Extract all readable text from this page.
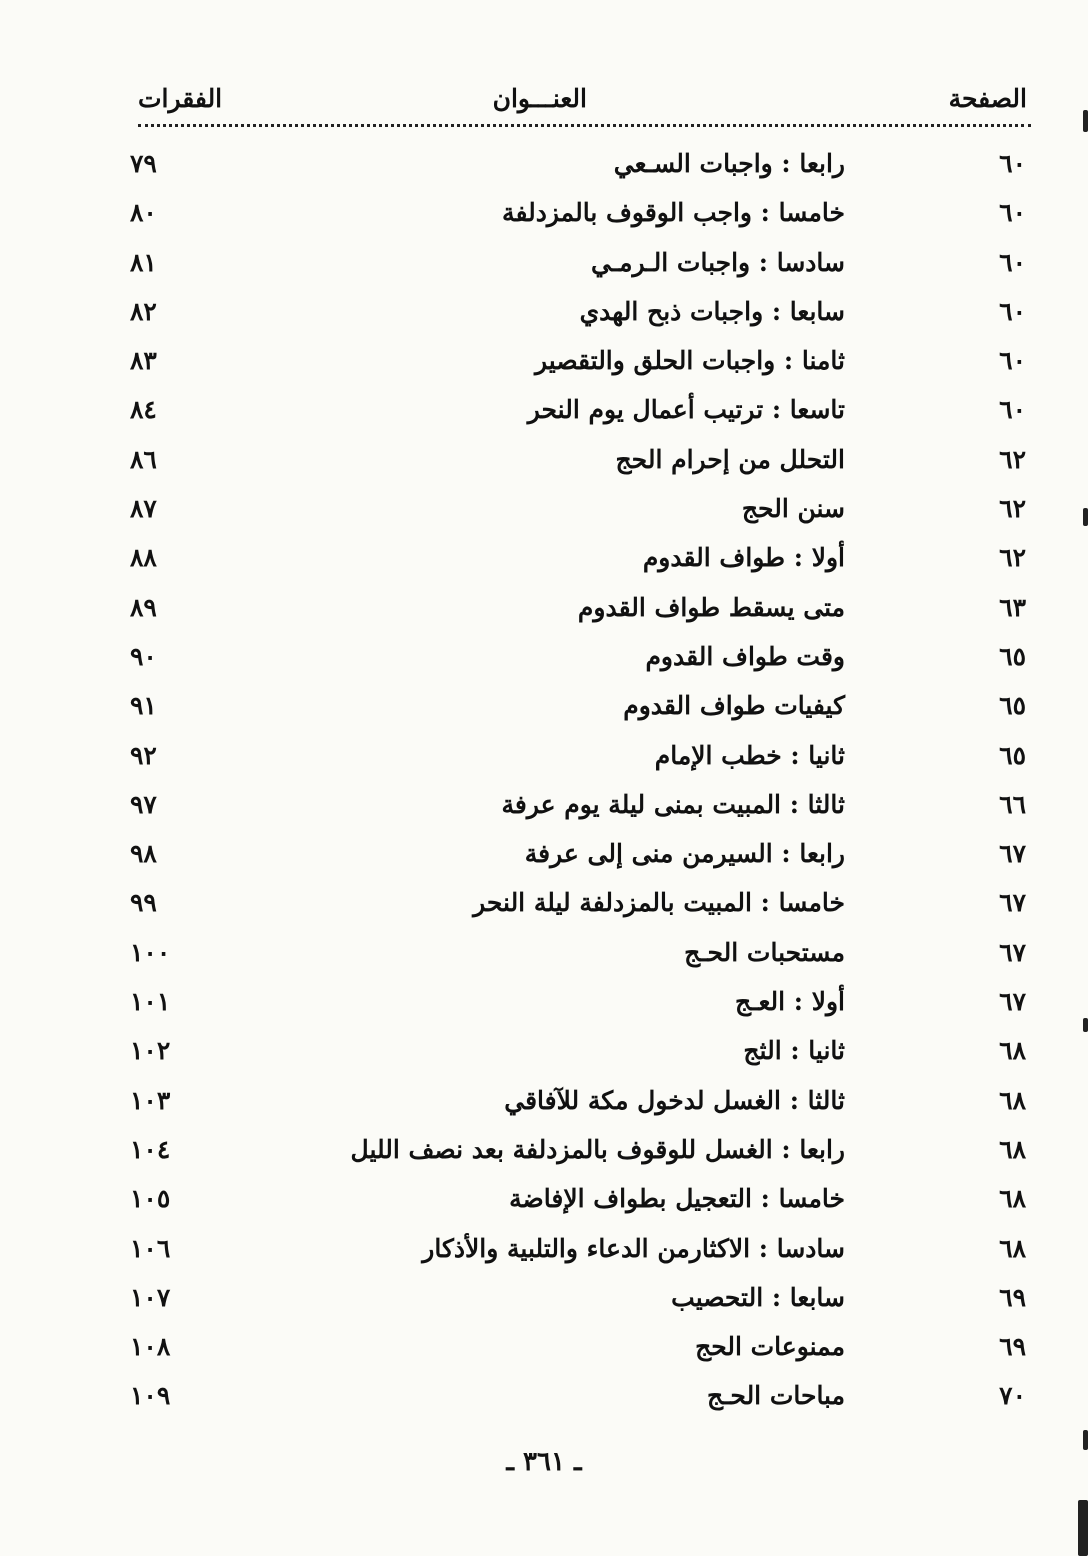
الصفحة
العنـــوان
الفقرات
٦٠
رابعا : واجبات السـعي
٧٩
٦٠
خامسا : واجب الوقوف بالمزدلفة
٨٠
٦٠
سادسا : واجبات الـرمـي
٨١
٦٠
سابعا : واجبات ذبح الهدي
٨٢
٦٠
ثامنا : واجبات الحلق والتقصير
٨٣
٦٠
تاسعا : ترتيب أعمال يوم النحر
٨٤
٦٢
التحلل من إحرام الحج
٨٦
٦٢
سنن الحج
٨٧
٦٢
أولا : طواف القدوم
٨٨
٦٣
متى يسقط طواف القدوم
٨٩
٦٥
وقت طواف القدوم
٩٠
٦٥
كيفيات طواف القدوم
٩١
٦٥
ثانيا : خطب الإمام
٩٢
٦٦
ثالثا : المبيت بمنى ليلة يوم عرفة
٩٧
٦٧
رابعا : السيرمن منى إلى عرفة
٩٨
٦٧
خامسا : المبيت بالمزدلفة ليلة النحر
٩٩
٦٧
مستحبات الحـج
١٠٠
٦٧
أولا : العـج
١٠١
٦٨
ثانيا : الثج
١٠٢
٦٨
ثالثا : الغسل لدخول مكة للآفاقي
١٠٣
٦٨
رابعا : الغسل للوقوف بالمزدلفة بعد نصف الليل
١٠٤
٦٨
خامسا : التعجيل بطواف الإفاضة
١٠٥
٦٨
سادسا : الاكثارمن الدعاء والتلبية والأذكار
١٠٦
٦٩
سابعا : التحصيب
١٠٧
٦٩
ممنوعات الحج
١٠٨
٧٠
مباحات الحـج
١٠٩
ـ ٣٦١ ـ
